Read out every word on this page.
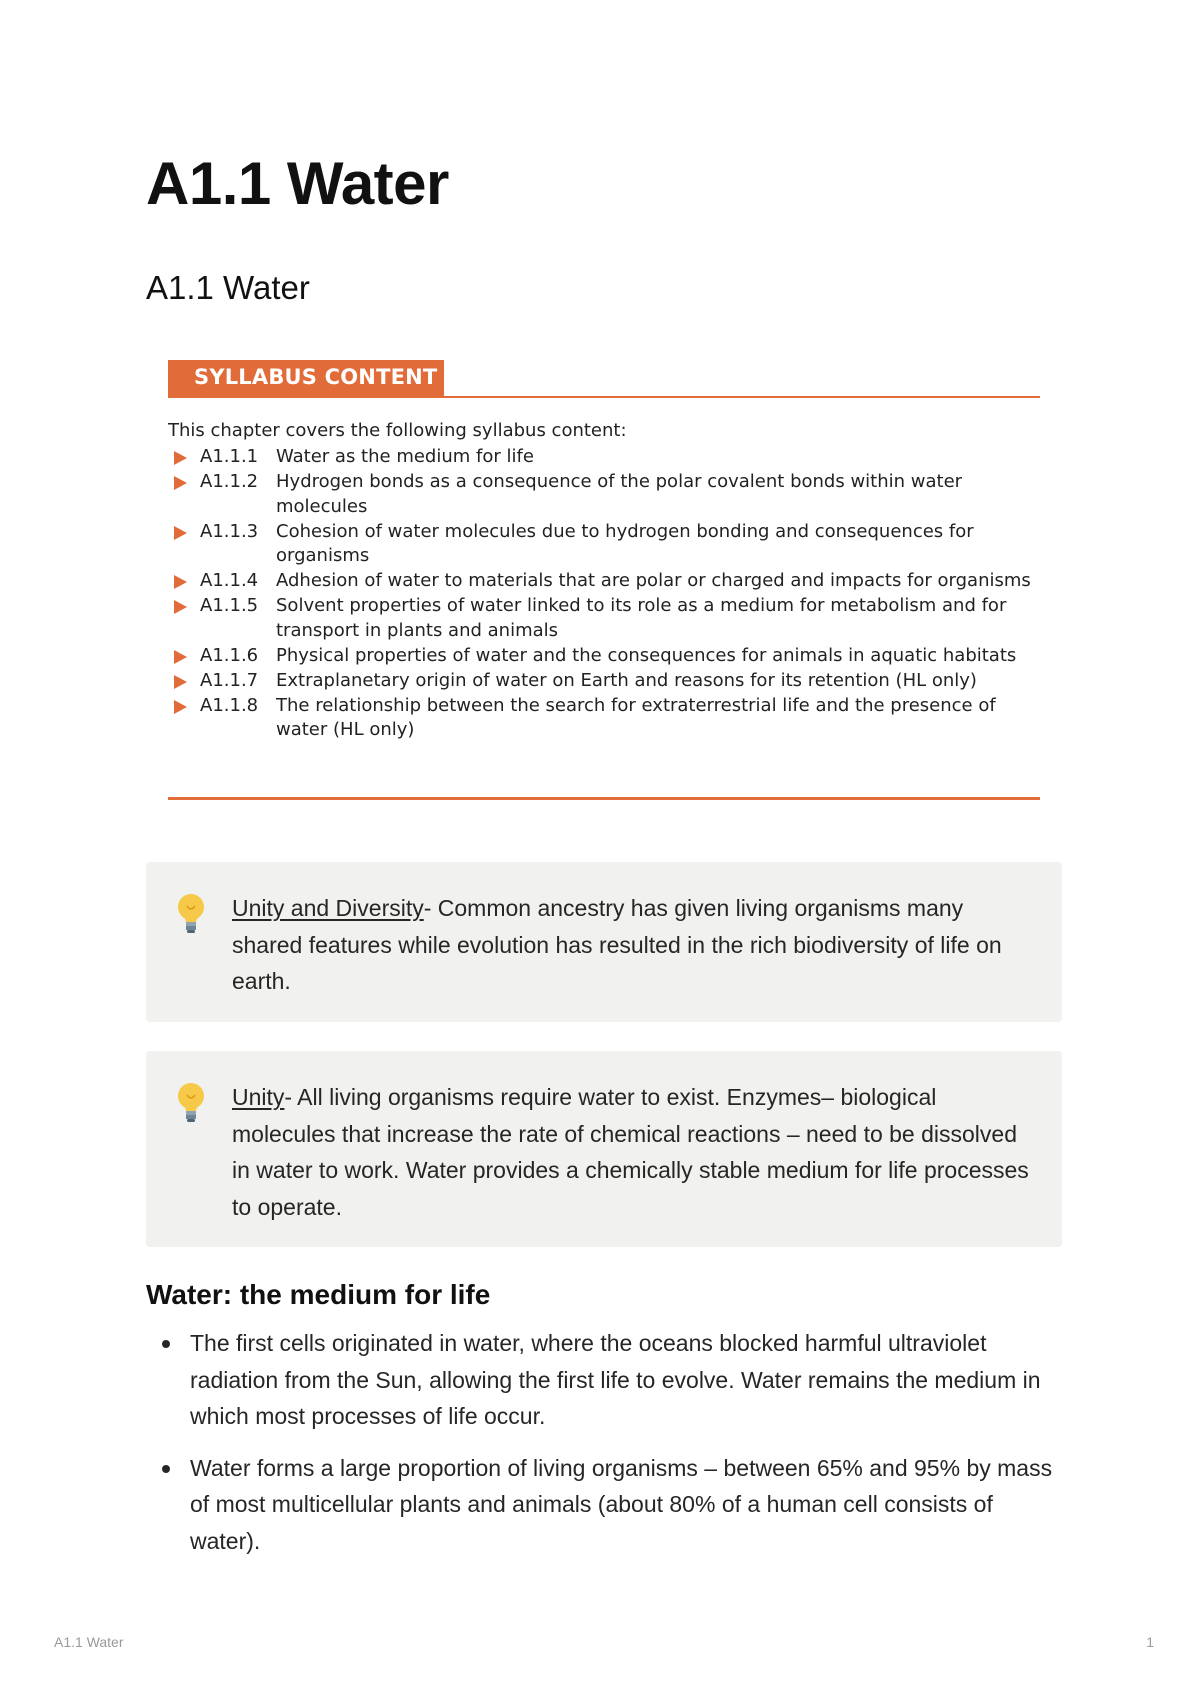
A1.1 Water
A1.1 Water
SYLLABUS CONTENT
This chapter covers the following syllabus content:
A1.1.1 Water as the medium for life
A1.1.2 Hydrogen bonds as a consequence of the polar covalent bonds within water molecules
A1.1.3 Cohesion of water molecules due to hydrogen bonding and consequences for organisms
A1.1.4 Adhesion of water to materials that are polar or charged and impacts for organisms
A1.1.5 Solvent properties of water linked to its role as a medium for metabolism and for transport in plants and animals
A1.1.6 Physical properties of water and the consequences for animals in aquatic habitats
A1.1.7 Extraplanetary origin of water on Earth and reasons for its retention (HL only)
A1.1.8 The relationship between the search for extraterrestrial life and the presence of water (HL only)
Unity and Diversity- Common ancestry has given living organisms many shared features while evolution has resulted in the rich biodiversity of life on earth.
Unity- All living organisms require water to exist. Enzymes– biological molecules that increase the rate of chemical reactions – need to be dissolved in water to work. Water provides a chemically stable medium for life processes to operate.
Water: the medium for life
The first cells originated in water, where the oceans blocked harmful ultraviolet radiation from the Sun, allowing the first life to evolve. Water remains the medium in which most processes of life occur.
Water forms a large proportion of living organisms – between 65% and 95% by mass of most multicellular plants and animals (about 80% of a human cell consists of water).
A1.1 Water	1
